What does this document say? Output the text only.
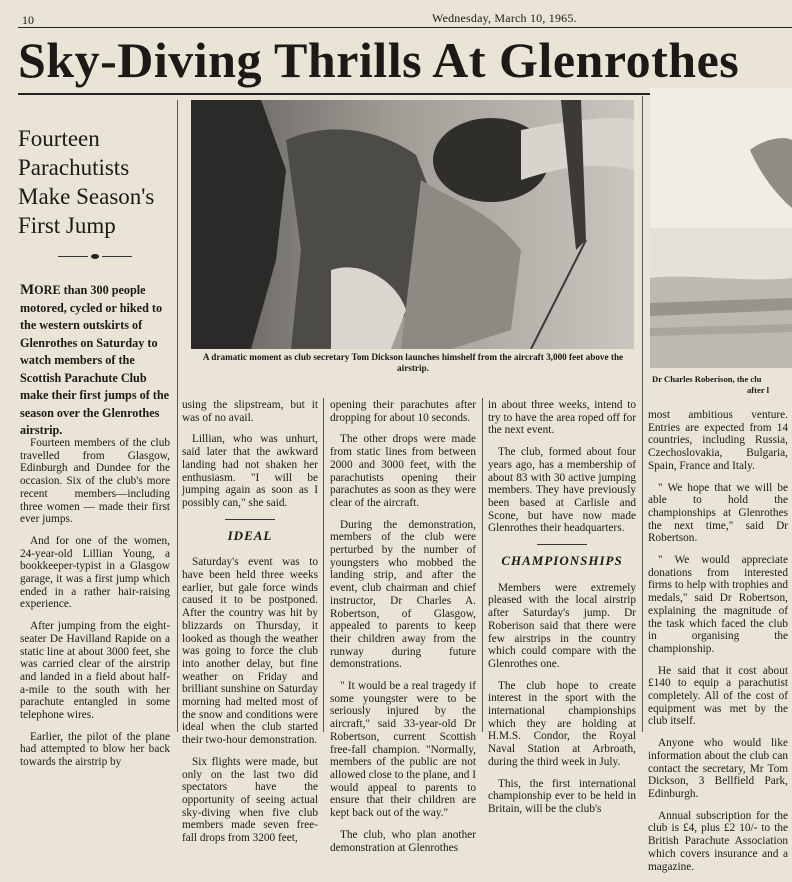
10	Wednesday, March 10, 1965.
Sky-Diving Thrills At Glenrothes
Fourteen
Parachutists
Make Season's
First Jump
MORE than 300 people motored, cycled or hiked to the western outskirts of Glenrothes on Saturday to watch members of the Scottish Parachute Club make their first jumps of the season over the Glenrothes airstrip.
A dramatic moment as club secretary Tom Dickson launches himshelf from the aircraft 3,000 feet above the airstrip.
Dr Charles Roberison, the clu
after l

Fourteen members of the club travelled from Glasgow, Edinburgh and Dundee for the occasion. Six of the club's more recent members—including three women — made their first ever jumps.

And for one of the women, 24-year-old Lillian Young, a bookkeeper-typist in a Glasgow garage, it was a first jump which ended in a rather hair-raising experience.

After jumping from the eight-seater De Havilland Rapide on a static line at about 3000 feet, she was carried clear of the airstrip and landed in a field about half-a-mile to the south with her parachute entangled in some telephone wires.

Earlier, the pilot of the plane had attempted to blow her back towards the airstrip by

using the slipstream, but it was of no avail.

Lillian, who was unhurt, said later that the awkward landing had not shaken her enthusiasm. "I will be jumping again as soon as I possibly can," she said.

IDEAL

Saturday's event was to have been held three weeks earlier, but gale force winds caused it to be postponed. After the country was hit by blizzards on Thursday, it looked as though the weather was going to force the club into another delay, but fine weather on Friday and brilliant sunshine on Saturday morning had melted most of the snow and conditions were ideal when the club started their two-hour demonstration.

Six flights were made, but only on the last two did spectators have the opportunity of seeing actual sky-diving when five club members made seven free-fall drops from 3200 feet,

opening their parachutes after dropping for about 10 seconds.

The other drops were made from static lines from between 2000 and 3000 feet, with the parachutists opening their parachutes as soon as they were clear of the aircraft.

During the demonstration, members of the club were perturbed by the number of youngsters who mobbed the landing strip, and after the event, club chairman and chief instructor, Dr Charles A. Robertson, of Glasgow, appealed to parents to keep their children away from the runway during future demonstrations.

" It would be a real tragedy if some youngster were to be seriously injured by the aircraft," said 33-year-old Dr Robertson, current Scottish free-fall champion. "Normally, members of the public are not allowed close to the plane, and I would appeal to parents to ensure that their children are kept back out of the way."

The club, who plan another demonstration at Glenrothes

in about three weeks, intend to try to have the area roped off for the next event.

The club, formed about four years ago, has a membership of about 83 with 30 active jumping members. They have previously been based at Carlisle and Scone, but have now made Glenrothes their headquarters.

CHAMPIONSHIPS

Members were extremely pleased with the local airstrip after Saturday's jump. Dr Roberison said that there were few airstrips in the country which could compare with the Glenrothes one.

The club hope to create interest in the sport with the international championships which they are holding at H.M.S. Condor, the Royal Naval Station at Arbroath, during the third week in July.

This, the first international championship ever to be held in Britain, will be the club's

most ambitious venture. Entries are expected from 14 countries, including Russia, Czechoslovakia, Bulgaria, Spain, France and Italy.

" We hope that we will be able to hold the championships at Glenrothes the next time," said Dr Robertson.

" We would appreciate donations from interested firms to help with trophies and medals," said Dr Robertson, explaining the magnitude of the task which faced the club in organising the championship.

He said that it cost about £140 to equip a parachutist completely. All of the cost of equipment was met by the club itself.

Anyone who would like information about the club can contact the secretary, Mr Tom Dickson, 3 Bellfield Park, Edinburgh.

Annual subscription for the club is £4, plus £2 10/- to the British Parachute Association which covers insurance and a magazine.
